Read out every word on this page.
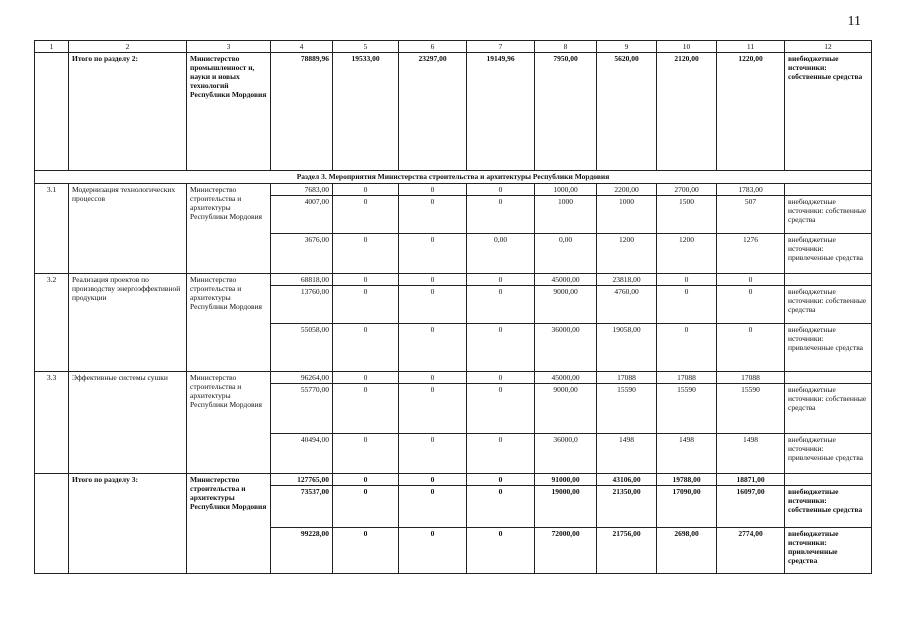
11
1	2	3	4	5	6	7	8	9	10	11	12
	Итого по разделу 2:	Министерство промышленност и, науки и новых технологий Республики Мордовия	78889,96	19533,00	23297,00	19149,96	7950,00	5620,00	2120,00	1220,00	внебюджетные источники: собственные средства
Раздел 3. Мероприятия Министерства строительства и архитектуры Республики Мордовия											
3.1	Модернизация технологических процессов	Министерство строительства и архитектуры Республики Мордовия	7683,00	0	0	0	1000,00	2200,00	2700,00	1783,00	
			4007,00	0	0	0	1000	1000	1500	507	внебюджетные источники: собственные средства
			3676,00	0	0	0,00	0,00	1200	1200	1276	внебюджетные источники: привлеченные средства
3.2	Реализация проектов по производству энергоэффективной продукции	Министерство строительства и архитектуры Республики Мордовия	68818,00	0	0	0	45000,00	23818,00	0	0	
			13760,00	0	0	0	9000,00	4760,00	0	0	внебюджетные источники: собственные средства
			55058,00	0	0	0	36000,00	19058,00	0	0	внебюджетные источники: привлеченные средства
3.3	Эффективные системы сушки	Министерство строительства и архитектуры Республики Мордовия	96264,00	0	0	0	45000,00	17088	17088	17088	
			55770,00	0	0	0	9000,00	15590	15590	15590	внебюджетные источники: собственные средства
			40494,00	0	0	0	36000,0	1498	1498	1498	внебюджетные источники: привлеченные средства
	Итого по разделу 3:	Министерство строительства и архитектуры Республики Мордовия	127765,00	0	0	0	91000,00	43106,00	19788,00	18871,00	
			73537,00	0	0	0	19000,00	21350,00	17090,00	16097,00	внебюджетные источники: собственные средства
			99228,00	0	0	0	72000,00	21756,00	2698,00	2774,00	внебюджетные источники: привлеченные средства
